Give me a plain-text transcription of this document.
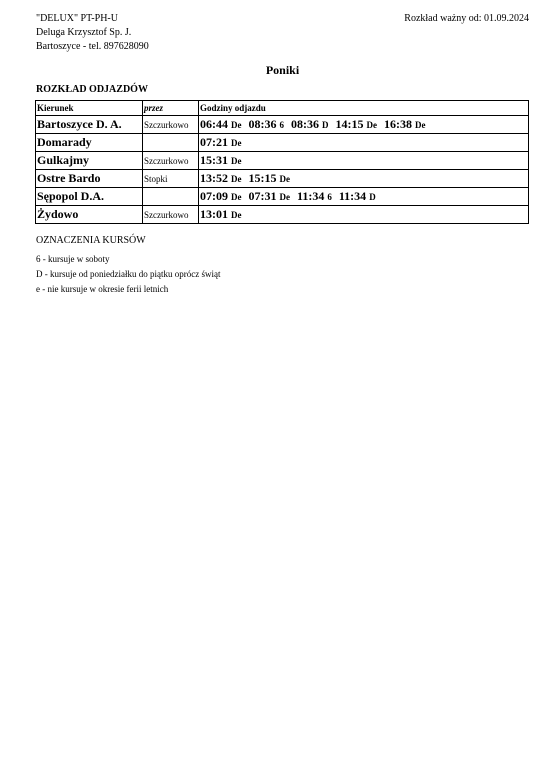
"DELUX" PT-PH-U
Deluga Krzysztof Sp. J.
Bartoszyce - tel. 897628090
Rozkład ważny od: 01.09.2024
Poniki
ROZKŁAD ODJAZDÓW
Kierunek	przez	Godziny odjazdu
Bartoszyce D. A.	Szczurkowo	06:44 De 08:36 6 08:36 D 14:15 De 16:38 De
Domarady		07:21 De
Gulkajmy	Szczurkowo	15:31 De
Ostre Bardo	Stopki	13:52 De 15:15 De
Sępopol D.A.		07:09 De 07:31 De 11:34 6 11:34 D
Żydowo	Szczurkowo	13:01 De
OZNACZENIA KURSÓW
6 - kursuje w soboty
D - kursuje od poniedziałku do piątku oprócz świąt
e - nie kursuje w okresie ferii letnich
